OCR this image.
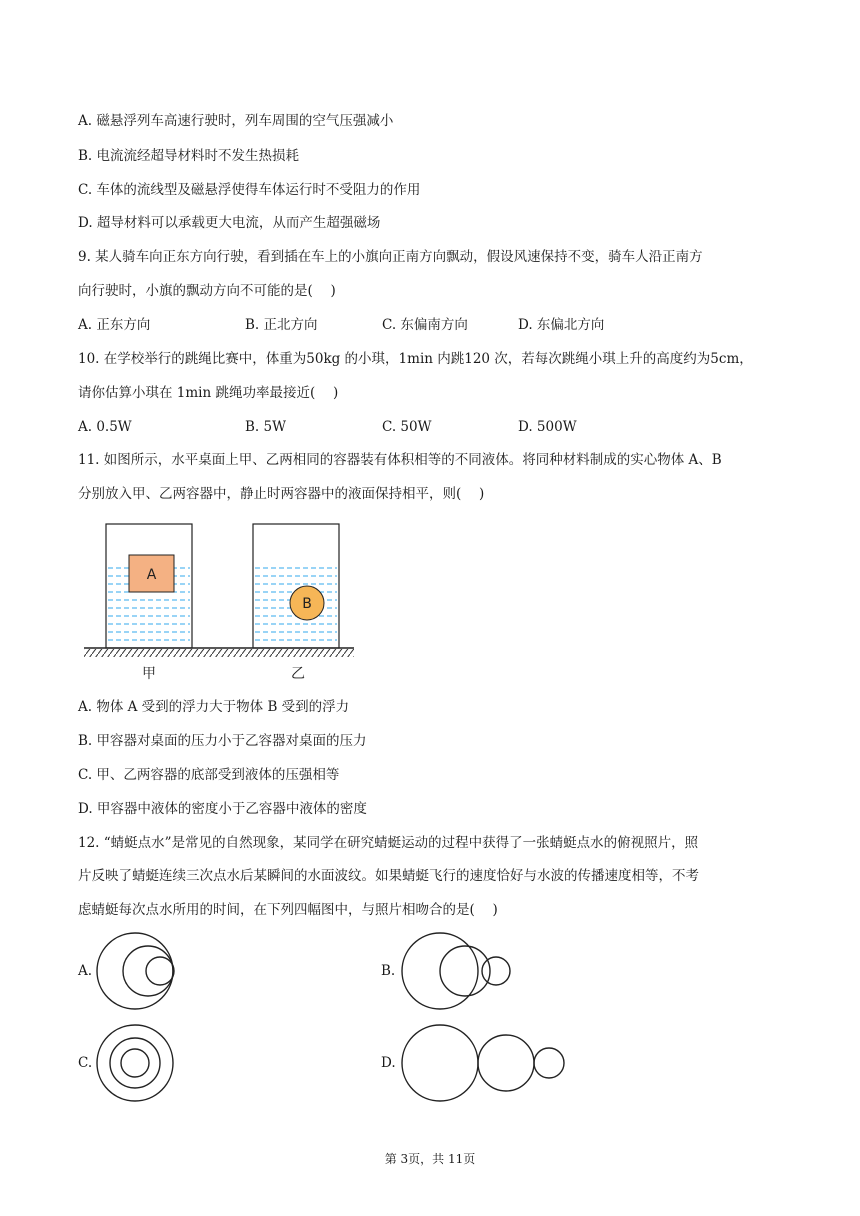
A. 磁悬浮列车高速行驶时，列车周围的空气压强减小
B. 电流流经超导材料时不发生热损耗
C. 车体的流线型及磁悬浮使得车体运行时不受阻力的作用
D. 超导材料可以承载更大电流，从而产生超强磁场
9. 某人骑车向正东方向行驶，看到插在车上的小旗向正南方向飘动，假设风速保持不变，骑车人沿正南方
向行驶时，小旗的飘动方向不可能的是(　 )
A. 正东方向	B. 正北方向	C. 东偏南方向	D. 东偏北方向
10. 在学校举行的跳绳比赛中，体重为50kg 的小琪，1min 内跳120 次，若每次跳绳小琪上升的高度约为5cm，
请你估算小琪在 1min 跳绳功率最接近(　 )
A. 0.5W	B. 5W	C. 50W	D. 500W
11. 如图所示，水平桌面上甲、乙两相同的容器装有体积相等的不同液体。将同种材料制成的实心物体 A、B
分别放入甲、乙两容器中，静止时两容器中的液面保持相平，则(　 )
A
B
甲	乙
A. 物体 A 受到的浮力大于物体 B 受到的浮力
B. 甲容器对桌面的压力小于乙容器对桌面的压力
C. 甲、乙两容器的底部受到液体的压强相等
D. 甲容器中液体的密度小于乙容器中液体的密度
12. “蜻蜓点水”是常见的自然现象，某同学在研究蜻蜓运动的过程中获得了一张蜻蜓点水的俯视照片，照
片反映了蜻蜓连续三次点水后某瞬间的水面波纹。如果蜻蜓飞行的速度恰好与水波的传播速度相等，不考
虑蜻蜓每次点水所用的时间，在下列四幅图中，与照片相吻合的是(　 )
A.	B.
C.	D.
第 3页，共 11页
